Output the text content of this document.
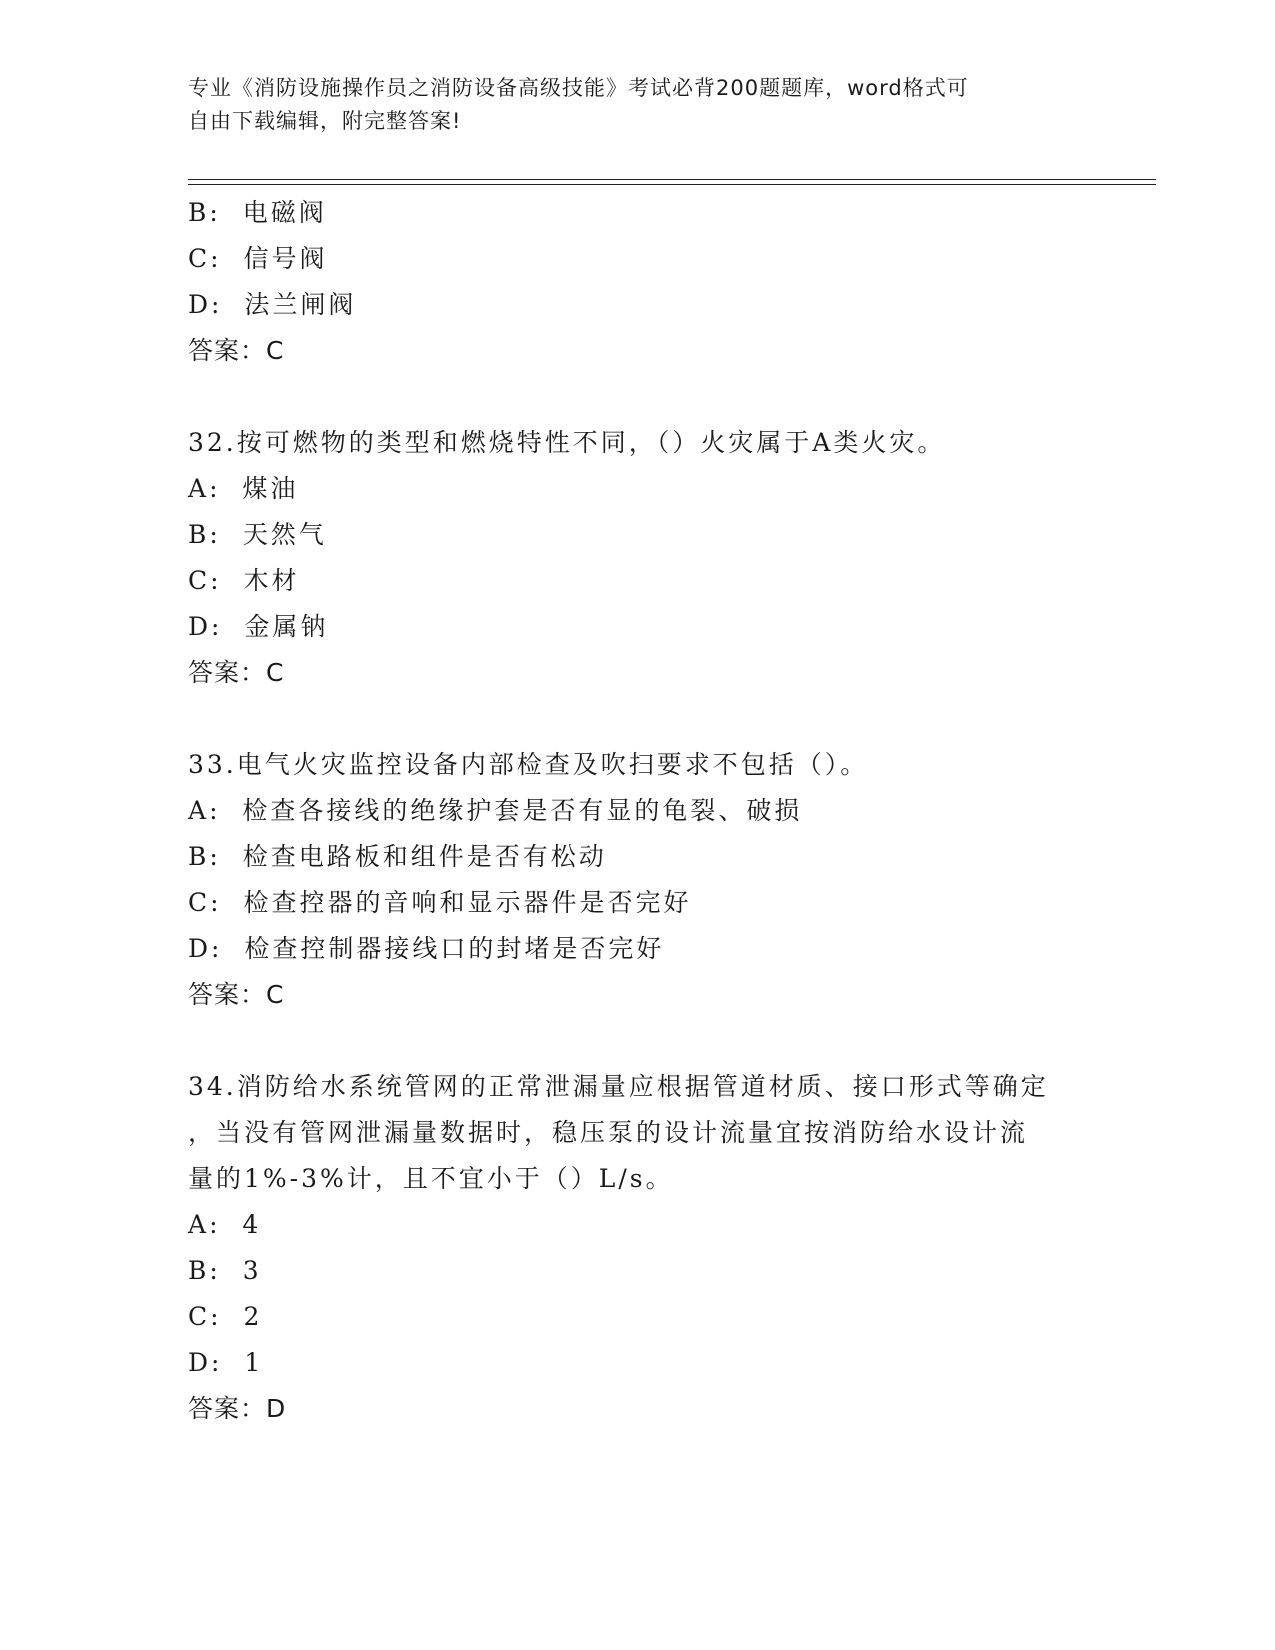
专业《消防设施操作员之消防设备高级技能》考试必背200题题库，word格式可
自由下载编辑，附完整答案!
B:  电磁阀
C:  信号阀
D:  法兰闸阀
答案：C
32.按可燃物的类型和燃烧特性不同，（）火灾属于A类火灾。
A:  煤油
B:  天然气
C:  木材
D:  金属钠
答案：C
33.电气火灾监控设备内部检查及吹扫要求不包括（）。
A:  检查各接线的绝缘护套是否有显的龟裂、破损
B:  检查电路板和组件是否有松动
C:  检查控器的音响和显示器件是否完好
D:  检查控制器接线口的封堵是否完好
答案：C
34.消防给水系统管网的正常泄漏量应根据管道材质、接口形式等确定
，当没有管网泄漏量数据时，稳压泵的设计流量宜按消防给水设计流
量的1%-3%计，且不宜小于（）L/s。
A:  4
B:  3
C:  2
D:  1
答案：D
